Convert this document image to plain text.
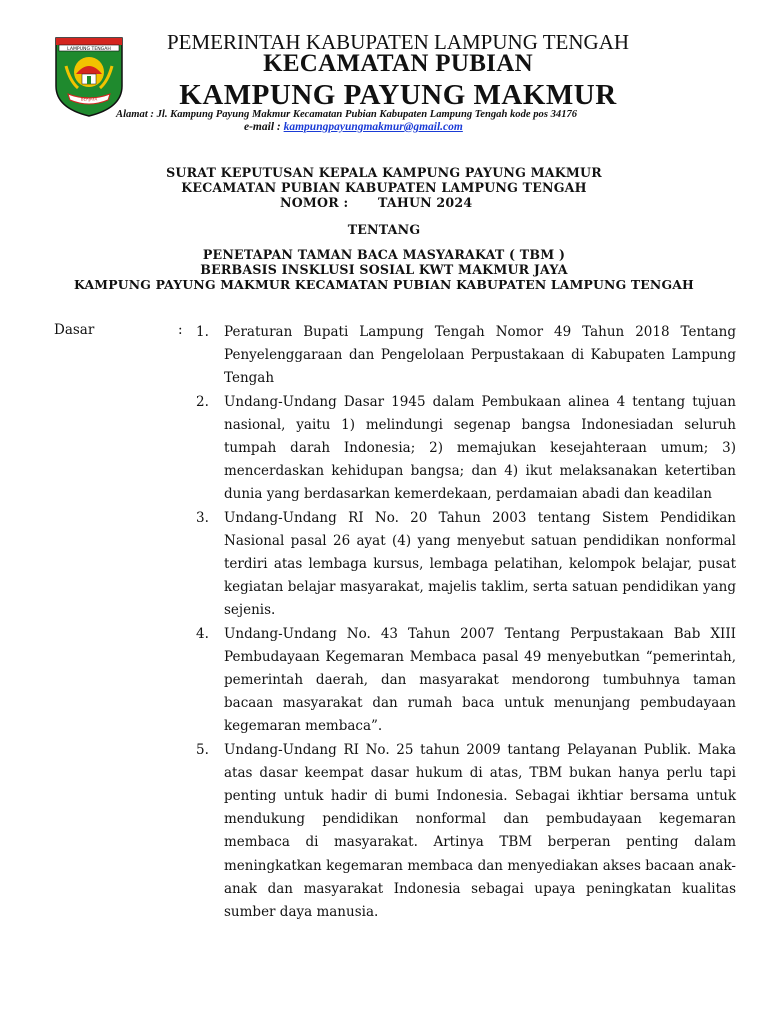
LAMPUNG TENGAH
BERJAYA
PEMERINTAH KABUPATEN LAMPUNG TENGAH
KECAMATAN PUBIAN
KAMPUNG PAYUNG MAKMUR
Alamat : Jl. Kampung Payung Makmur Kecamatan Pubian Kabupaten Lampung Tengah kode pos 34176
e-mail : kampungpayungmakmur@gmail.com
SURAT KEPUTUSAN KEPALA KAMPUNG PAYUNG MAKMUR
KECAMATAN PUBIAN KABUPATEN LAMPUNG TENGAH
NOMOR : TAHUN 2024
TENTANG
PENETAPAN TAMAN BACA MASYARAKAT ( TBM )
BERBASIS INSKLUSI SOSIAL KWT MAKMUR JAYA
KAMPUNG PAYUNG MAKMUR KECAMATAN PUBIAN KABUPATEN LAMPUNG TENGAH
Dasar	: 1. Peraturan Bupati Lampung Tengah Nomor 49 Tahun 2018 Tentang Penyelenggaraan dan Pengelolaan Perpustakaan di Kabupaten Lampung Tengah
2. Undang-Undang Dasar 1945 dalam Pembukaan alinea 4 tentang tujuan nasional, yaitu 1) melindungi segenap bangsa Indonesiadan seluruh tumpah darah Indonesia; 2) memajukan kesejahteraan umum; 3) mencerdaskan kehidupan bangsa; dan 4) ikut melaksanakan ketertiban dunia yang berdasarkan kemerdekaan, perdamaian abadi dan keadilan
3. Undang-Undang RI No. 20 Tahun 2003 tentang Sistem Pendidikan Nasional pasal 26 ayat (4) yang menyebut satuan pendidikan nonformal terdiri atas lembaga kursus, lembaga pelatihan, kelompok belajar, pusat kegiatan belajar masyarakat, majelis taklim, serta satuan pendidikan yang sejenis.
4. Undang-Undang No. 43 Tahun 2007 Tentang Perpustakaan Bab XIII Pembudayaan Kegemaran Membaca pasal 49 menyebutkan “pemerintah, pemerintah daerah, dan masyarakat mendorong tumbuhnya taman bacaan masyarakat dan rumah baca untuk menunjang pembudayaan kegemaran membaca”.
5. Undang-Undang RI No. 25 tahun 2009 tantang Pelayanan Publik. Maka atas dasar keempat dasar hukum di atas, TBM bukan hanya perlu tapi penting untuk hadir di bumi Indonesia. Sebagai ikhtiar bersama untuk mendukung pendidikan nonformal dan pembudayaan kegemaran membaca di masyarakat. Artinya TBM berperan penting dalam meningkatkan kegemaran membaca dan menyediakan akses bacaan anak-anak dan masyarakat Indonesia sebagai upaya peningkatan kualitas sumber daya manusia.
